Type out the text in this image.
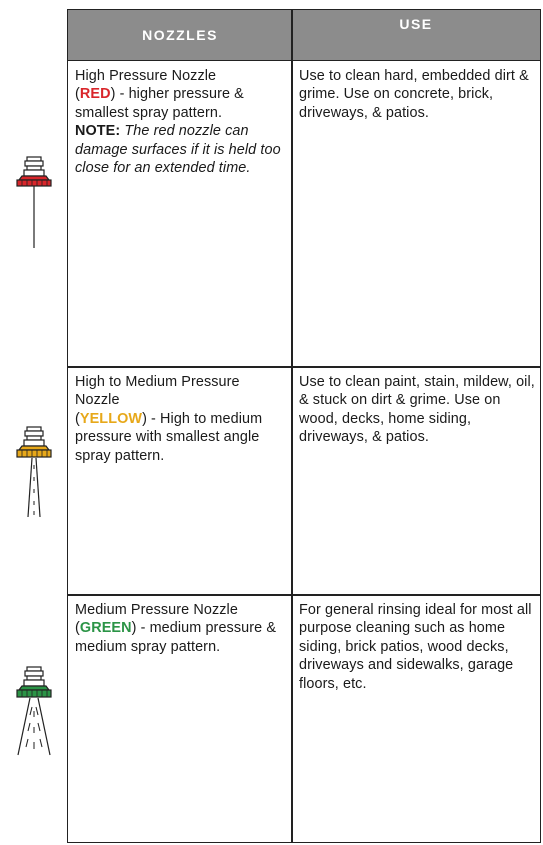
NOZZLES
USE
High Pressure Nozzle
(RED) - higher pressure & smallest spray pattern.
NOTE: The red nozzle can damage surfaces if it is held too close for an extended time.
Use to clean hard, embedded dirt & grime. Use on concrete, brick, driveways, & patios.
High to Medium Pressure Nozzle
(YELLOW) - High to medium pressure with smallest angle spray pattern.
Use to clean paint, stain, mildew, oil, & stuck on dirt & grime. Use on wood, decks, home siding, driveways, & patios.
Medium Pressure Nozzle
(GREEN) - medium pressure & medium spray pattern.
For general rinsing ideal for most all purpose cleaning such as home siding, brick patios, wood decks, driveways and sidewalks, garage floors, etc.
